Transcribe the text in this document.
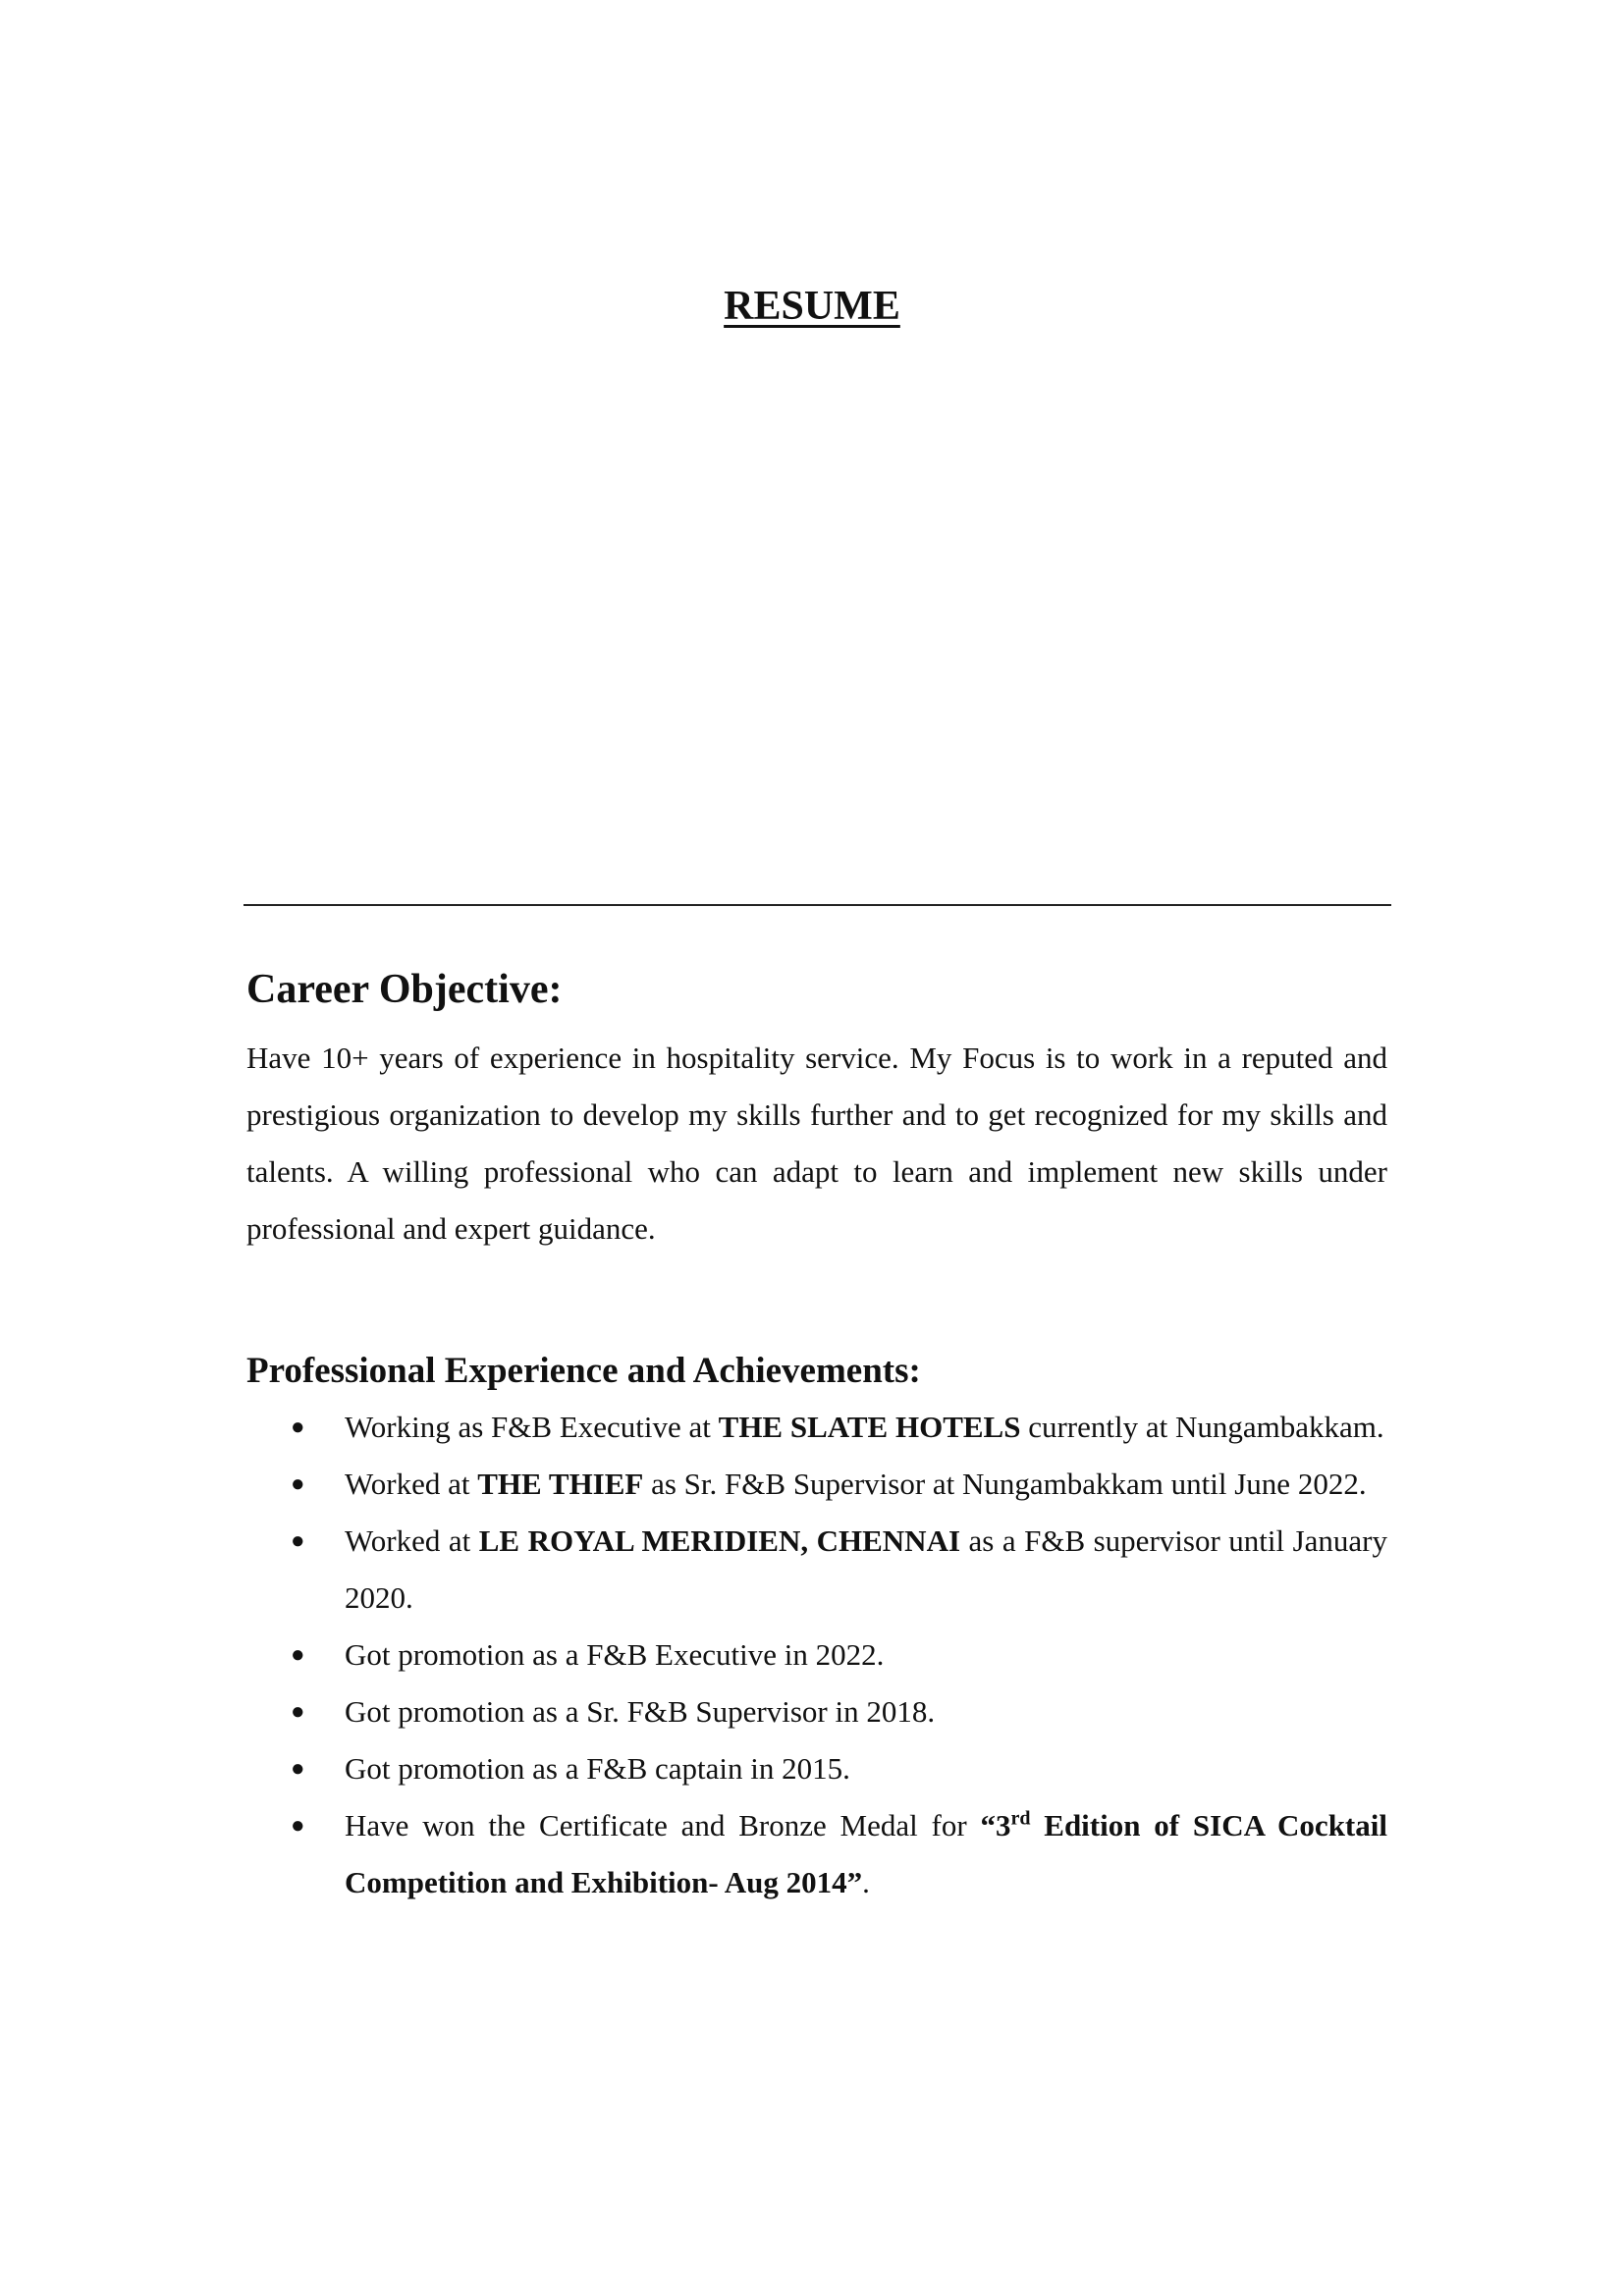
RESUME
Career Objective:

Have 10+ years of experience in hospitality service. My Focus is to work in a reputed and prestigious organization to develop my skills further and to get recognized for my skills and talents. A willing professional who can adapt to learn and implement new skills under professional and expert guidance.

Professional Experience and Achievements:
● Working as F&B Executive at THE SLATE HOTELS currently at Nungambakkam.
● Worked at THE THIEF as Sr. F&B Supervisor at Nungambakkam until June 2022.
● Worked at LE ROYAL MERIDIEN, CHENNAI as a F&B supervisor until January 2020.
● Got promotion as a F&B Executive in 2022.
● Got promotion as a Sr. F&B Supervisor in 2018.
● Got promotion as a F&B captain in 2015.
● Have won the Certificate and Bronze Medal for “3rd Edition of SICA Cocktail Competition and Exhibition- Aug 2014”.
